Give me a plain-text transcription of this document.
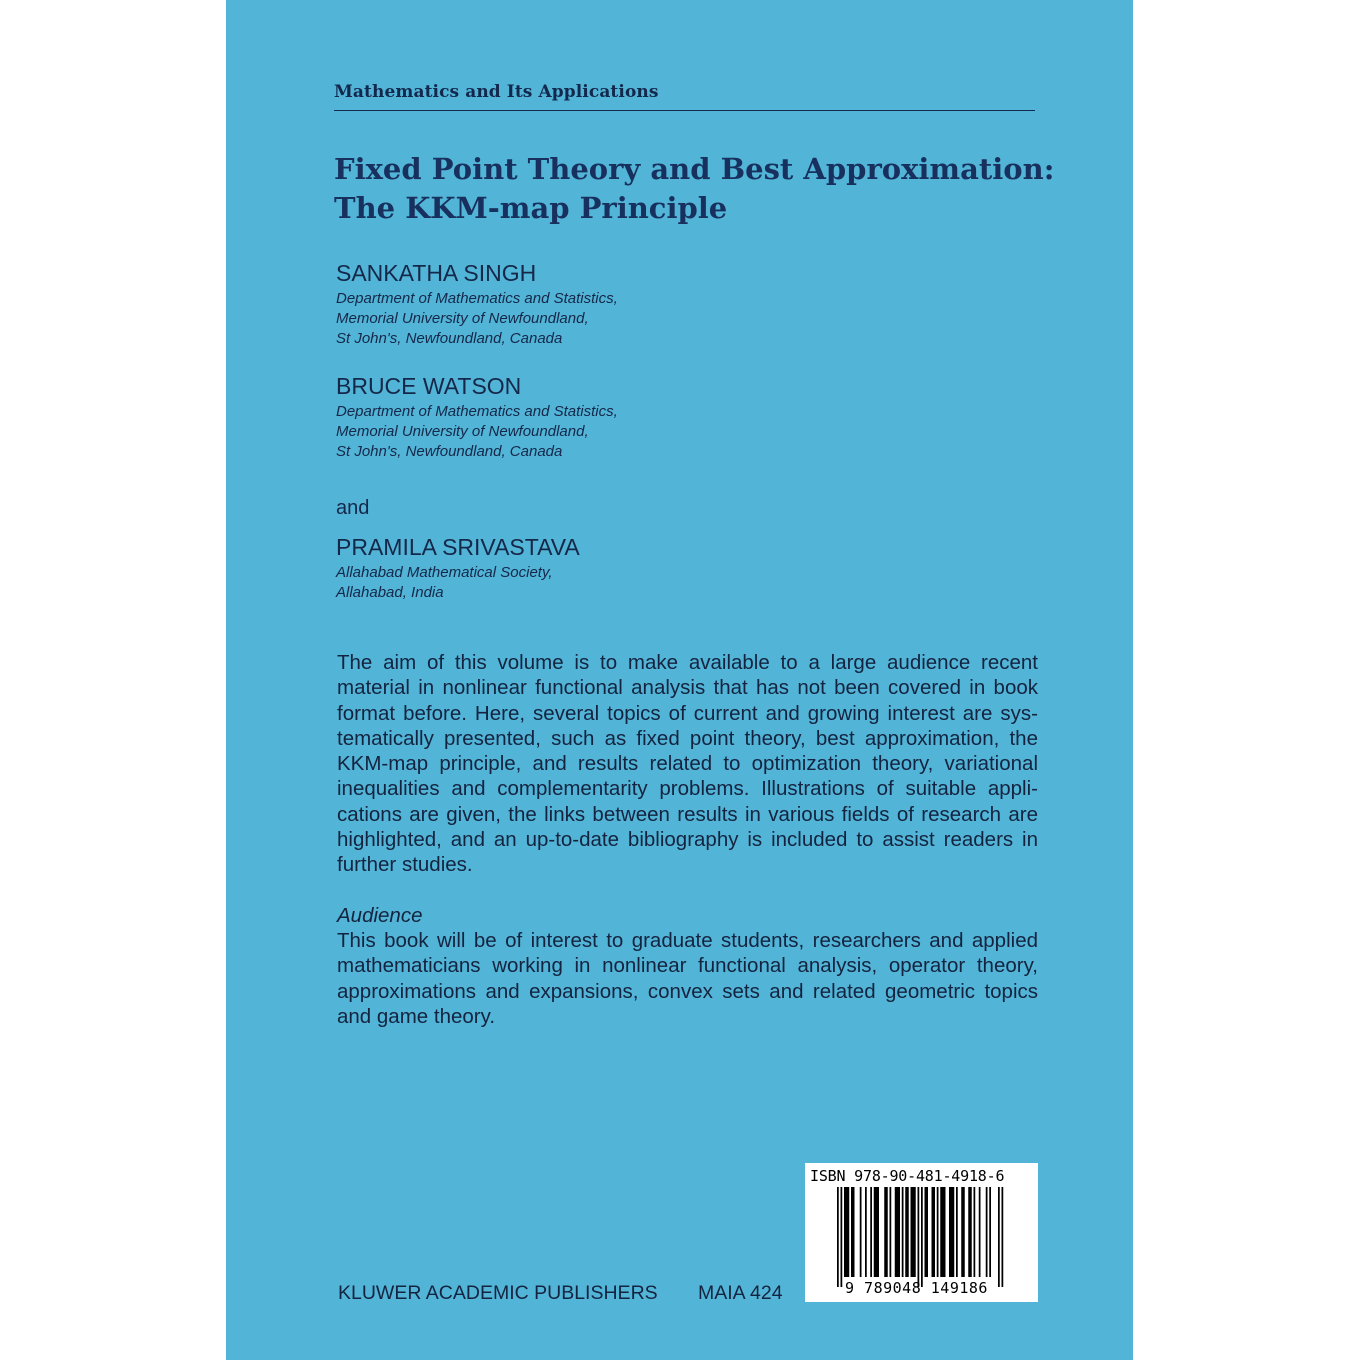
Mathematics and Its Applications
Fixed Point Theory and Best Approximation:
The KKM-map Principle
SANKATHA SINGH
Department of Mathematics and Statistics,
Memorial University of Newfoundland,
St John's, Newfoundland, Canada
BRUCE WATSON
Department of Mathematics and Statistics,
Memorial University of Newfoundland,
St John's, Newfoundland, Canada
and
PRAMILA SRIVASTAVA
Allahabad Mathematical Society,
Allahabad, India
The aim of this volume is to make available to a large audience recent material in nonlinear functional analysis that has not been covered in book format before. Here, several topics of current and growing interest are systematically presented, such as fixed point theory, best approximation, the KKM-map principle, and results related to optimization theory, variational inequalities and complementarity problems. Illustrations of suitable applications are given, the links between results in various fields of research are highlighted, and an up-to-date bibliography is included to assist readers in further studies.
Audience
This book will be of interest to graduate students, researchers and applied mathematicians working in nonlinear functional analysis, operator theory, approximations and expansions, convex sets and related geometric topics and game theory.
KLUWER ACADEMIC PUBLISHERS MAIA 424
ISBN 978-90-481-4918-6
9 789048 149186
